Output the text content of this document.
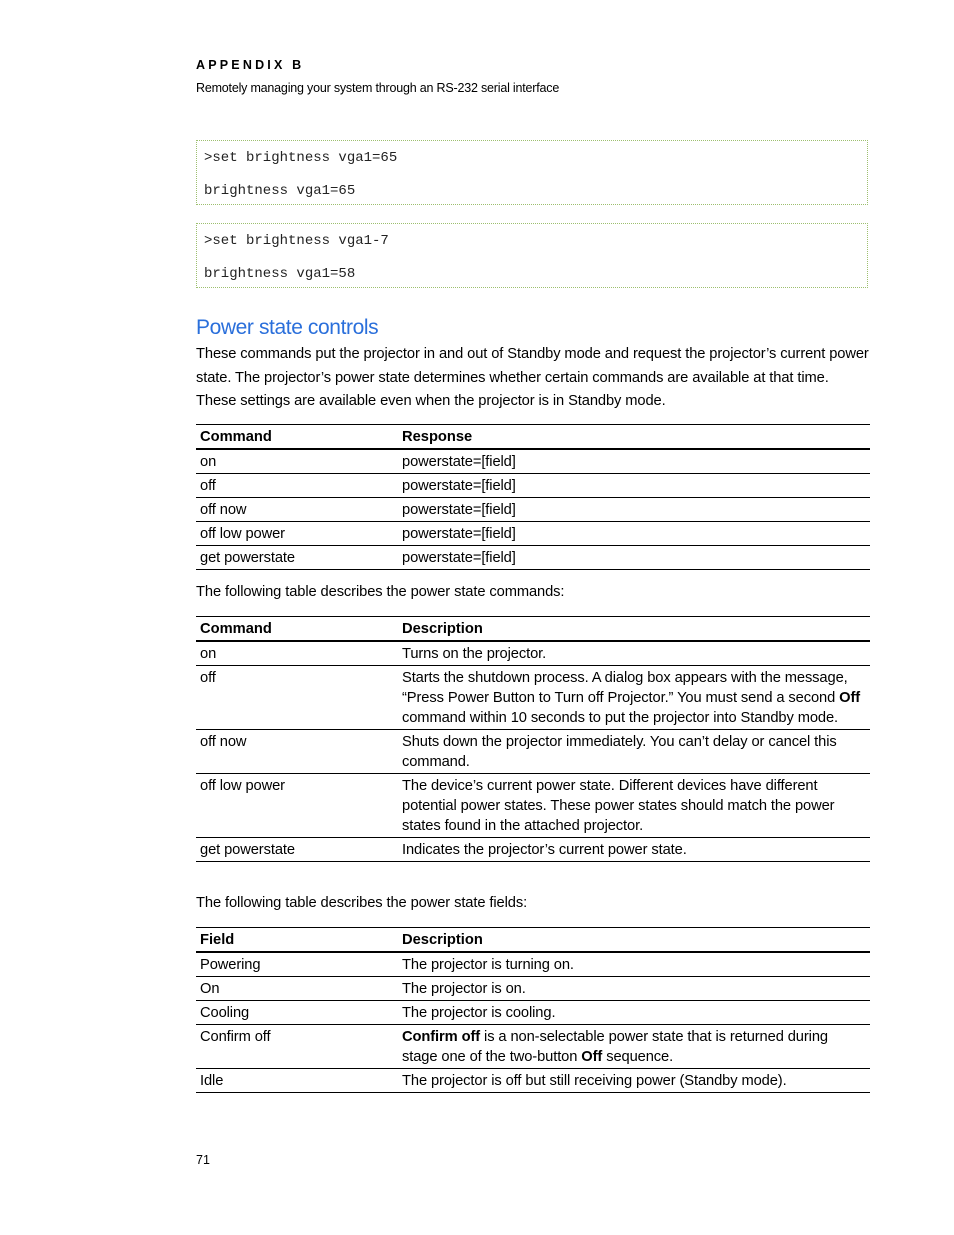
APPENDIX B
Remotely managing your system through an RS-232 serial interface
>set brightness vga1=65
brightness vga1=65
>set brightness vga1-7
brightness vga1=58
Power state controls

These commands put the projector in and out of Standby mode and request the projector’s current power state. The projector’s power state determines whether certain commands are available at that time. These settings are available even when the projector is in Standby mode.

Command	Response
on	powerstate=[field]
off	powerstate=[field]
off now	powerstate=[field]
off low power	powerstate=[field]
get powerstate	powerstate=[field]

The following table describes the power state commands:

Command	Description
on	Turns on the projector.
off	Starts the shutdown process. A dialog box appears with the message, “Press Power Button to Turn off Projector.” You must send a second Off command within 10 seconds to put the projector into Standby mode.
off now	Shuts down the projector immediately. You can’t delay or cancel this command.
off low power	The device’s current power state. Different devices have different potential power states. These power states should match the power states found in the attached projector.
get powerstate	Indicates the projector’s current power state.

The following table describes the power state fields:

Field	Description
Powering	The projector is turning on.
On	The projector is on.
Cooling	The projector is cooling.
Confirm off	Confirm off is a non-selectable power state that is returned during stage one of the two-button Off sequence.
Idle	The projector is off but still receiving power (Standby mode).
71
